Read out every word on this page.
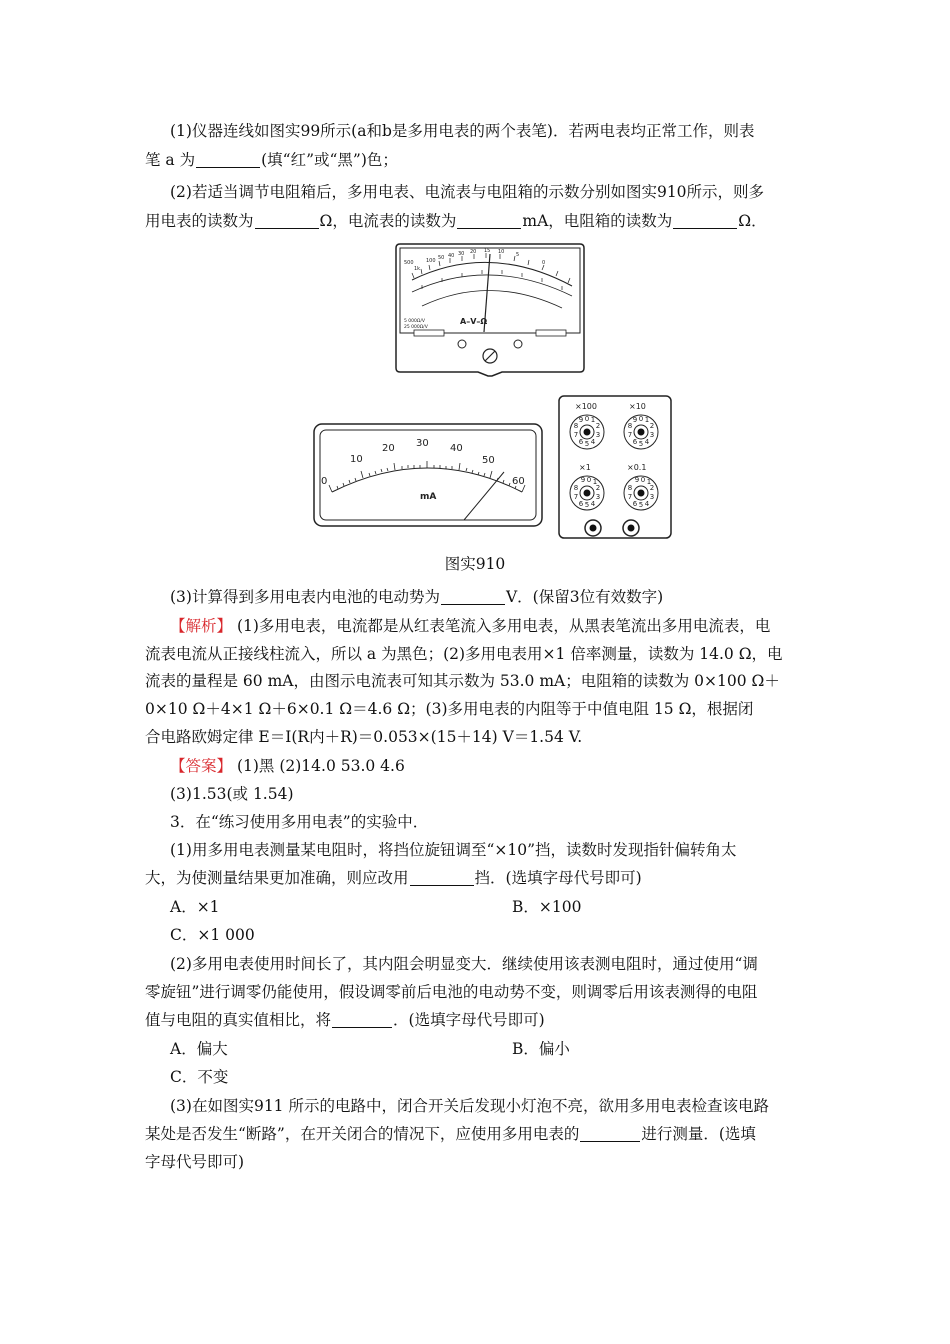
(1)仪器连线如图实99所示(a和b是多用电表的两个表笔)．若两电表均正常工作，则表
笔 a 为	(填“红”或“黑”)色；
(2)若适当调节电阻箱后，多用电表、电流表与电阻箱的示数分别如图实910所示，则多
用电表的读数为	Ω，电流表的读数为	mA，电阻箱的读数为	Ω．
500
1k
100 50 40 30 20 15 10 5
0
A–V–Ω
5 000Ω/V
25 000Ω/V
0
10
20 30 40
50
60
mA
×100	×10
×1	×0.1
0 1
2
3
4
5
6
7
8
9	0 1
2
3
4
5
6
7
8
9
9 0 1
2
3
4
5
6
7
8
9 0 1
2
3
4
5
6
7
8
图实910
(3)计算得到多用电表内电池的电动势为	V．(保留3位有效数字)
【解析】 (1)多用电表，电流都是从红表笔流入多用电表，从黑表笔流出多用电流表，电
流表电流从正接线柱流入，所以 a 为黑色；(2)多用电表用×1 倍率测量，读数为 14.0 Ω，电
流表的量程是 60 mA，由图示电流表可知其示数为 53.0 mA；电阻箱的读数为 0×100 Ω＋
0×10 Ω＋4×1 Ω＋6×0.1 Ω＝4.6 Ω；(3)多用电表的内阻等于中值电阻 15 Ω，根据闭
合电路欧姆定律 E＝I(R内＋R)＝0.053×(15＋14) V＝1.54 V.
【答案】 (1)黑 (2)14.0 53.0 4.6
(3)1.53(或 1.54)
3．在“练习使用多用电表”的实验中．
(1)用多用电表测量某电阻时，将挡位旋钮调至“×10”挡，读数时发现指针偏转角太
大，为使测量结果更加准确，则应改用	挡．(选填字母代号即可)
A．×1	B．×100
C．×1 000
(2)多用电表使用时间长了，其内阻会明显变大．继续使用该表测电阻时，通过使用“调
零旋钮”进行调零仍能使用，假设调零前后电池的电动势不变，则调零后用该表测得的电阻
值与电阻的真实值相比，将	．(选填字母代号即可)
A．偏大	B．偏小
C．不变
(3)在如图实911 所示的电路中，闭合开关后发现小灯泡不亮，欲用多用电表检查该电路
某处是否发生“断路”，在开关闭合的情况下，应使用多用电表的	进行测量．(选填
字母代号即可)
